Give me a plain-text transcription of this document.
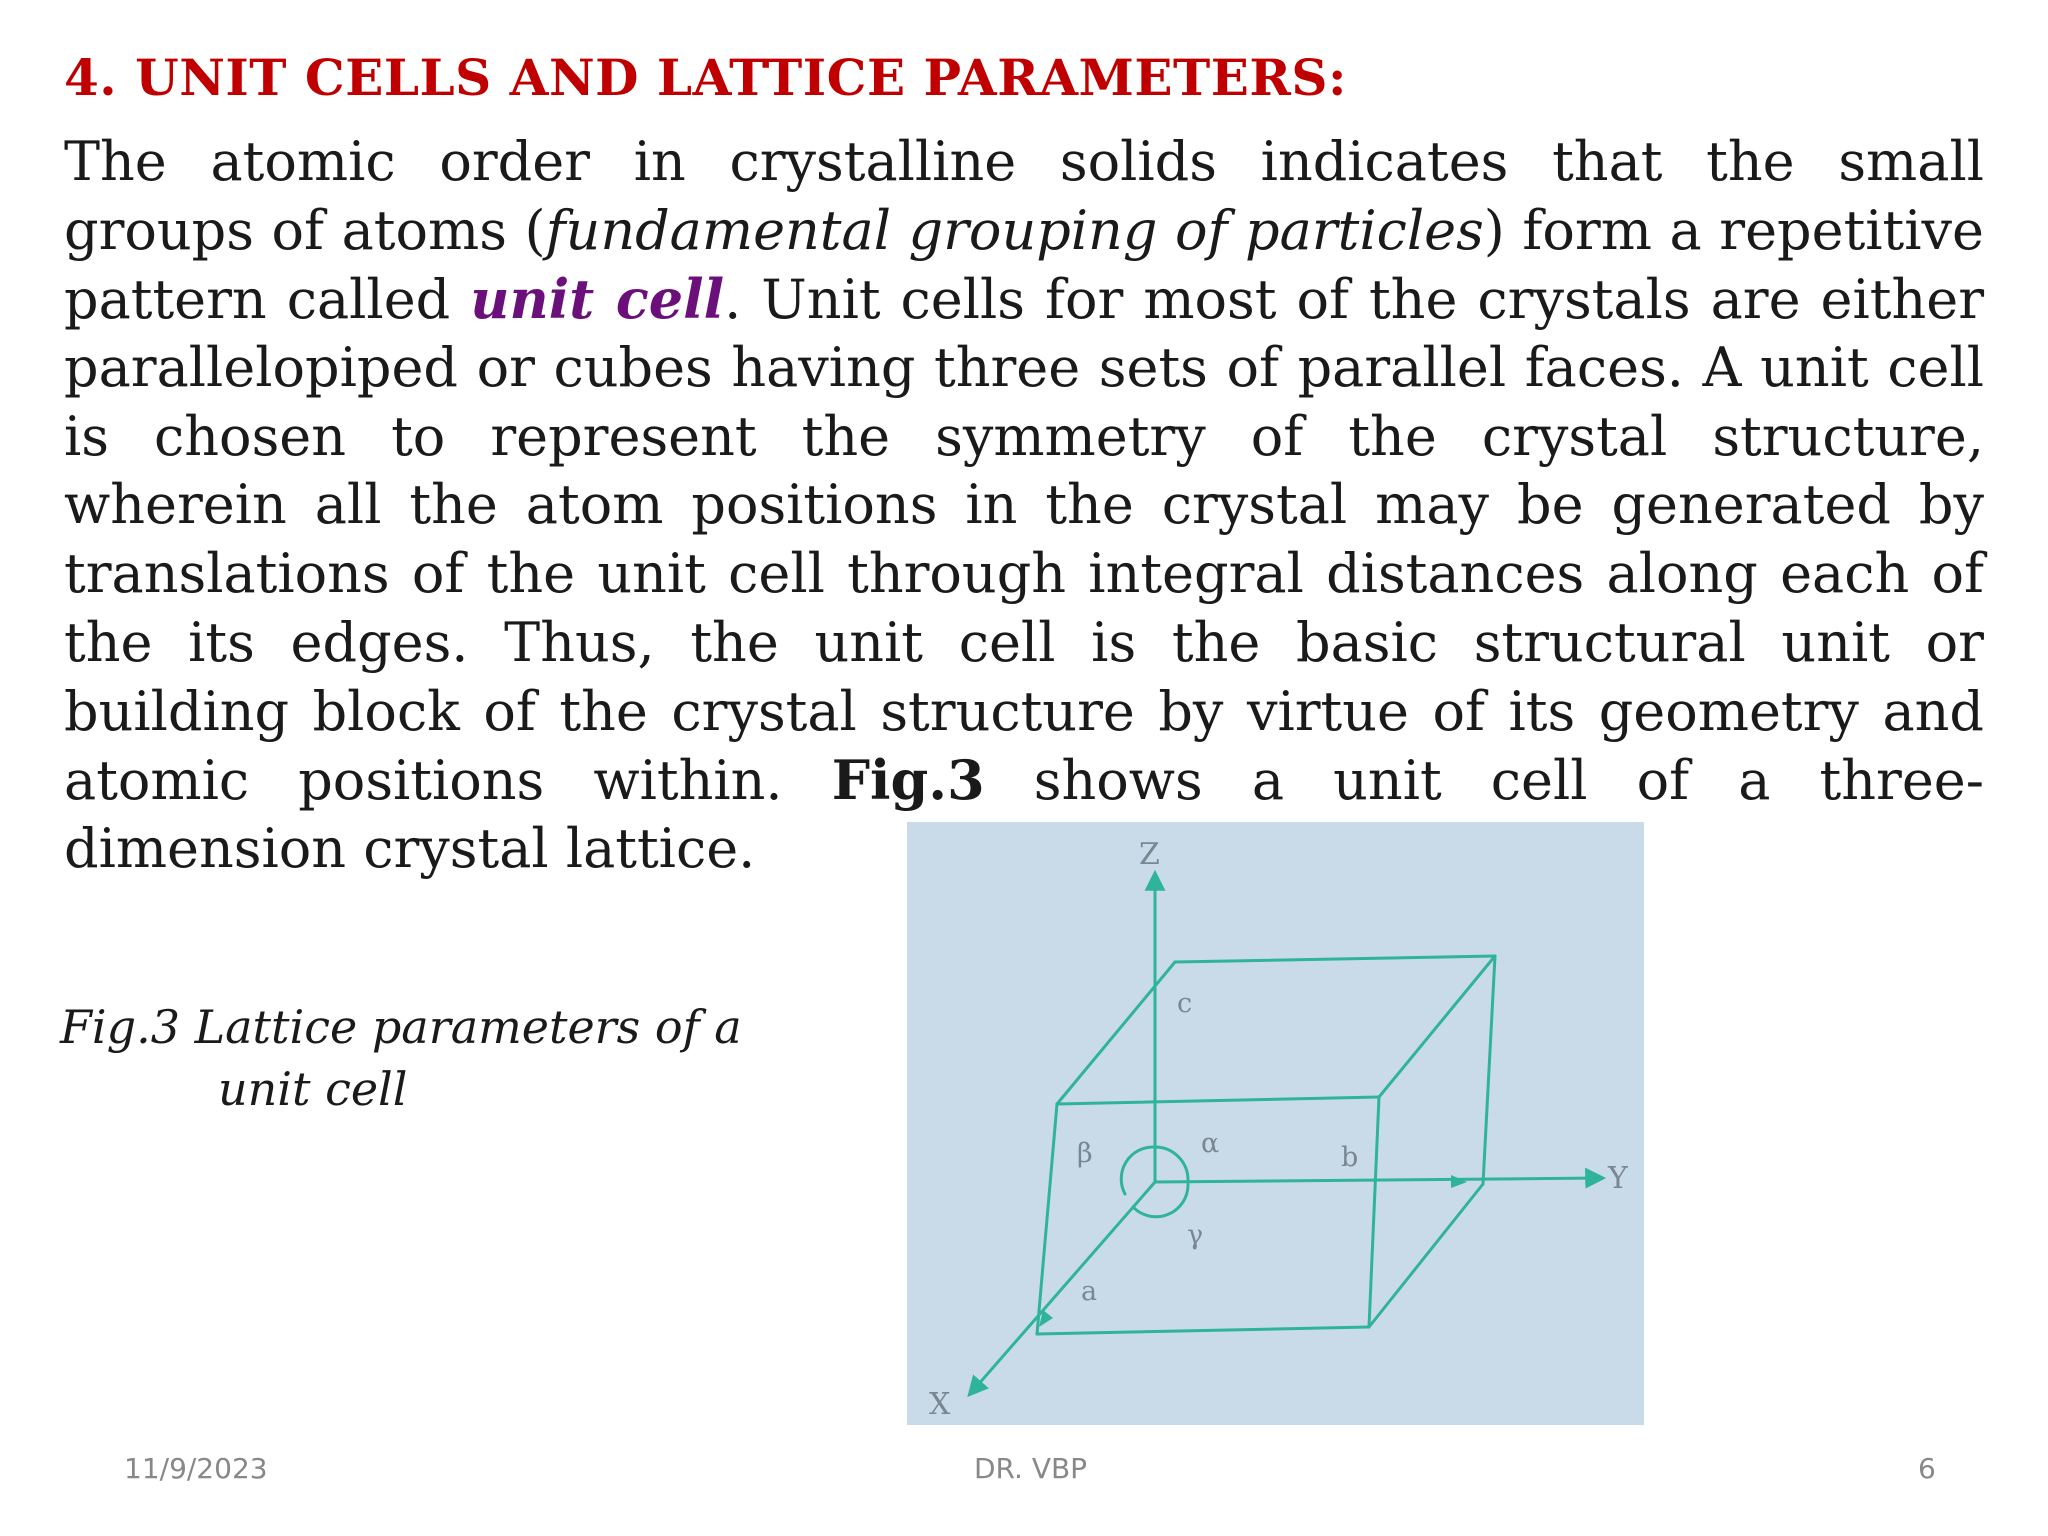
4. UNIT CELLS AND LATTICE PARAMETERS:
The atomic order in crystalline solids indicates that the small
groups of atoms (fundamental grouping of particles) form a repetitive
pattern called unit cell. Unit cells for most of the crystals are either
parallelopiped or cubes having three sets of parallel faces. A unit cell
is chosen to represent the symmetry of the crystal structure,
wherein all the atom positions in the crystal may be generated by
translations of the unit cell through integral distances along each of
the its edges. Thus, the unit cell is the basic structural unit or
building block of the crystal structure by virtue of its geometry and
atomic positions within. Fig.3 shows a unit cell of a three-
dimension crystal lattice.
Fig.3 Lattice parameters of a
unit cell
Z
Y
X
a
b
c
α
β
γ
11/9/2023	DR. VBP	6
